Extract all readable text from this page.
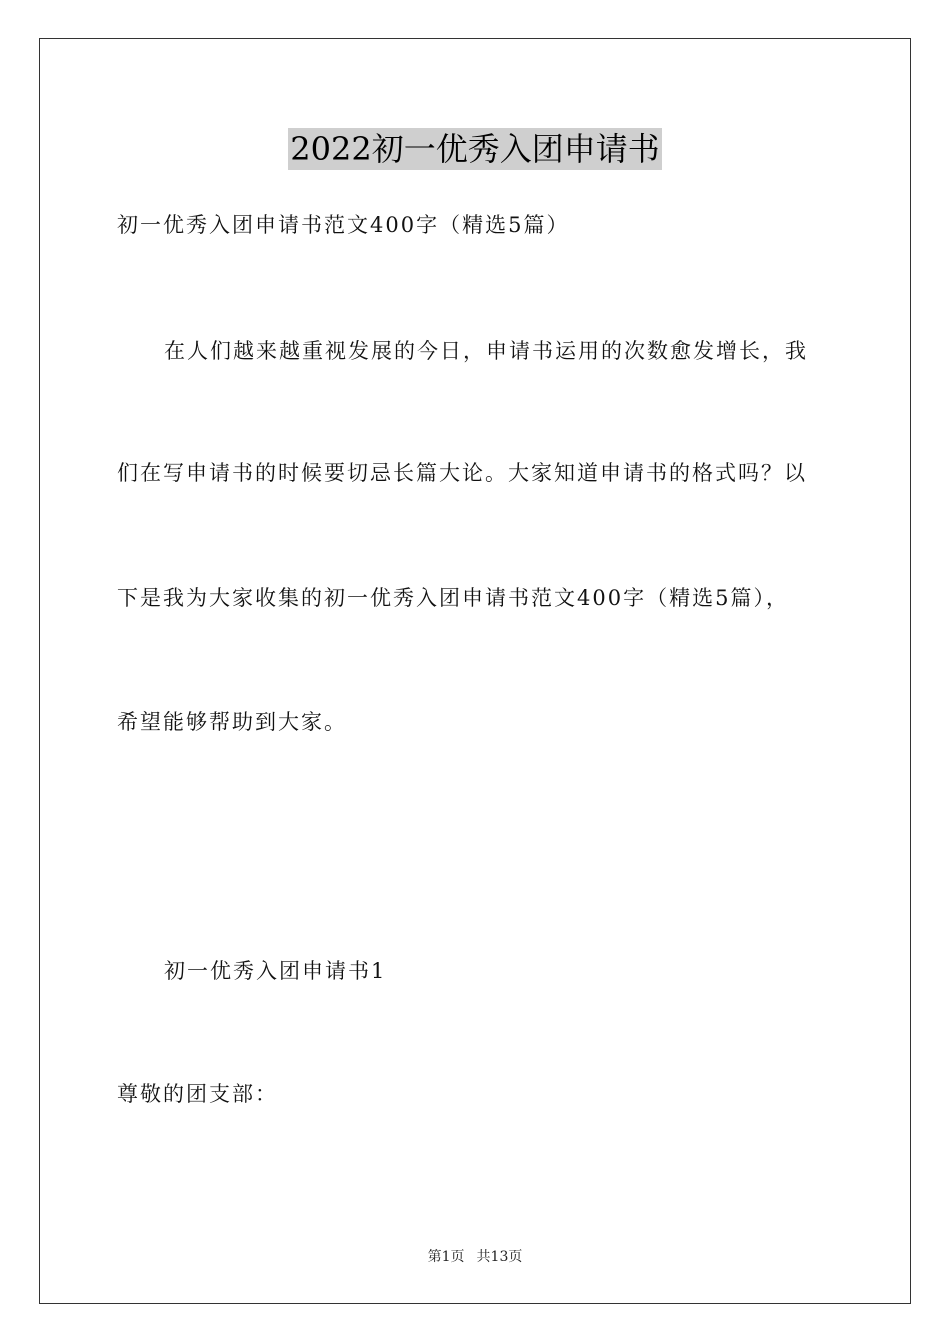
2022初一优秀入团申请书
初一优秀入团申请书范文400字（精选5篇）
在人们越来越重视发展的今日，申请书运用的次数愈发增长，我
们在写申请书的时候要切忌长篇大论。大家知道申请书的格式吗？以
下是我为大家收集的初一优秀入团申请书范文400字（精选5篇），
希望能够帮助到大家。
初一优秀入团申请书1
尊敬的团支部：
第1页 共13页
